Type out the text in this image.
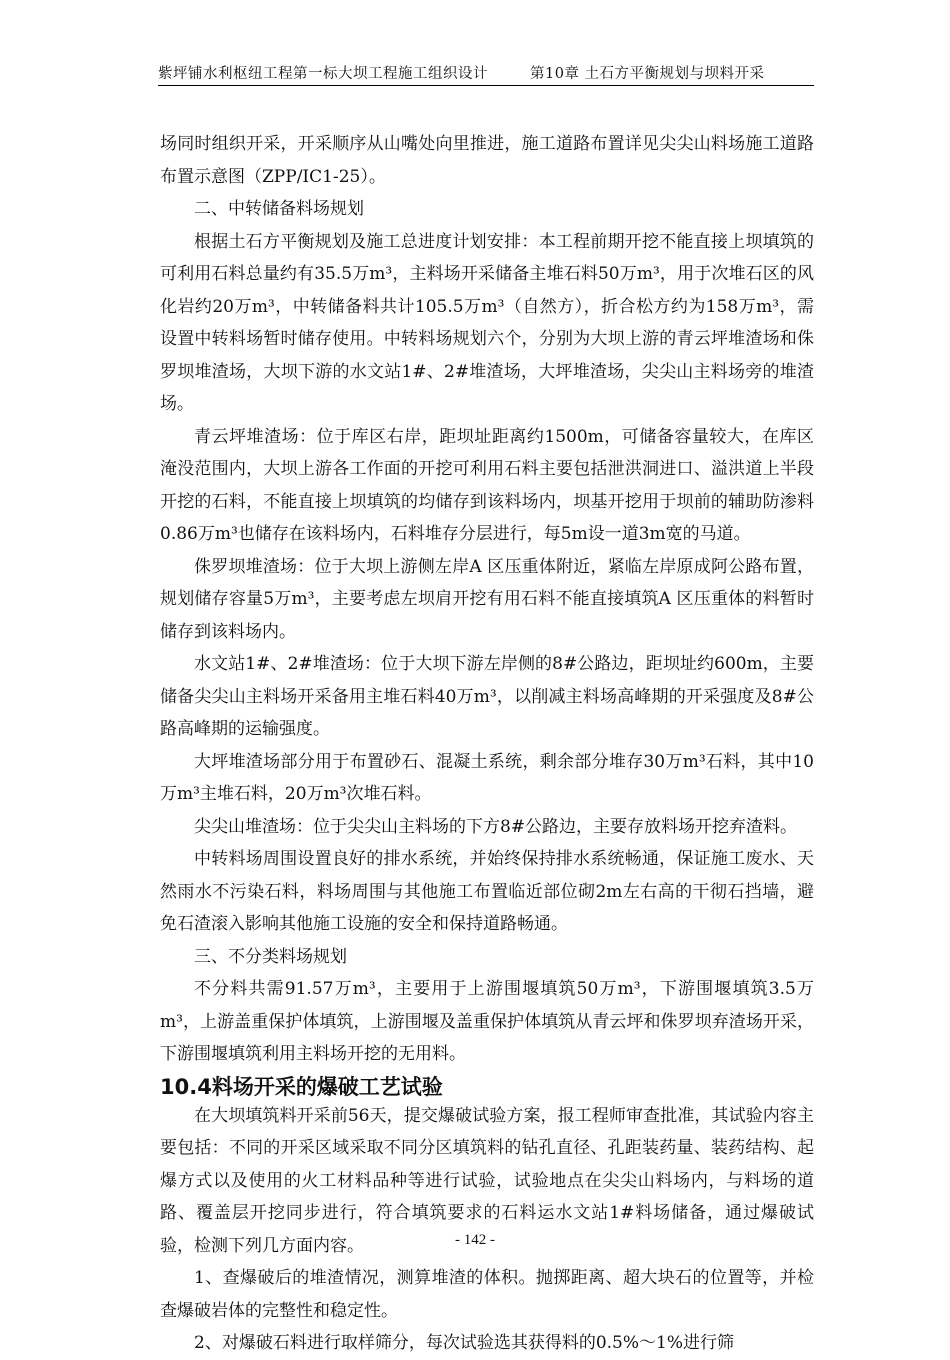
紫坪铺水利枢纽工程第一标大坝工程施工组织设计	第10章 土石方平衡规划与坝料开采

场同时组织开采，开采顺序从山嘴处向里推进，施工道路布置详见尖尖山料场施工道路布置示意图（ZPP/IC1-25）。

二、中转储备料场规划

根据土石方平衡规划及施工总进度计划安排：本工程前期开挖不能直接上坝填筑的可利用石料总量约有35.5万m³，主料场开采储备主堆石料50万m³，用于次堆石区的风化岩约20万m³，中转储备料共计105.5万m³（自然方），折合松方约为158万m³，需设置中转料场暂时储存使用。中转料场规划六个，分别为大坝上游的青云坪堆渣场和侏罗坝堆渣场，大坝下游的水文站1#、2#堆渣场，大坪堆渣场，尖尖山主料场旁的堆渣场。

青云坪堆渣场：位于库区右岸，距坝址距离约1500m，可储备容量较大，在库区淹没范围内，大坝上游各工作面的开挖可利用石料主要包括泄洪洞进口、溢洪道上半段开挖的石料，不能直接上坝填筑的均储存到该料场内，坝基开挖用于坝前的辅助防渗料0.86万m³也储存在该料场内，石料堆存分层进行，每5m设一道3m宽的马道。

侏罗坝堆渣场：位于大坝上游侧左岸A 区压重体附近，紧临左岸原成阿公路布置，规划储存容量5万m³，主要考虑左坝肩开挖有用石料不能直接填筑A 区压重体的料暂时储存到该料场内。

水文站1#、2#堆渣场：位于大坝下游左岸侧的8#公路边，距坝址约600m，主要储备尖尖山主料场开采备用主堆石料40万m³，以削减主料场高峰期的开采强度及8#公路高峰期的运输强度。

大坪堆渣场部分用于布置砂石、混凝土系统，剩余部分堆存30万m³石料，其中10万m³主堆石料，20万m³次堆石料。

尖尖山堆渣场：位于尖尖山主料场的下方8#公路边，主要存放料场开挖弃渣料。

中转料场周围设置良好的排水系统，并始终保持排水系统畅通，保证施工废水、天然雨水不污染石料，料场周围与其他施工布置临近部位砌2m左右高的干彻石挡墙，避免石渣滚入影响其他施工设施的安全和保持道路畅通。

三、不分类料场规划

不分料共需91.57万m³，主要用于上游围堰填筑50万m³，下游围堰填筑3.5万m³，上游盖重保护体填筑，上游围堰及盖重保护体填筑从青云坪和侏罗坝弃渣场开采，下游围堰填筑利用主料场开挖的无用料。

10.4料场开采的爆破工艺试验

在大坝填筑料开采前56天，提交爆破试验方案，报工程师审查批准，其试验内容主要包括：不同的开采区域采取不同分区填筑料的钻孔直径、孔距装药量、装药结构、起爆方式以及使用的火工材料品种等进行试验，试验地点在尖尖山料场内，与料场的道路、覆盖层开挖同步进行，符合填筑要求的石料运水文站1#料场储备，通过爆破试验，检测下列几方面内容。

1、查爆破后的堆渣情况，测算堆渣的体积。抛掷距离、超大块石的位置等，并检查爆破岩体的完整性和稳定性。

2、对爆破石料进行取样筛分，每次试验选其获得料的0.5%～1%进行筛

- 142 -
